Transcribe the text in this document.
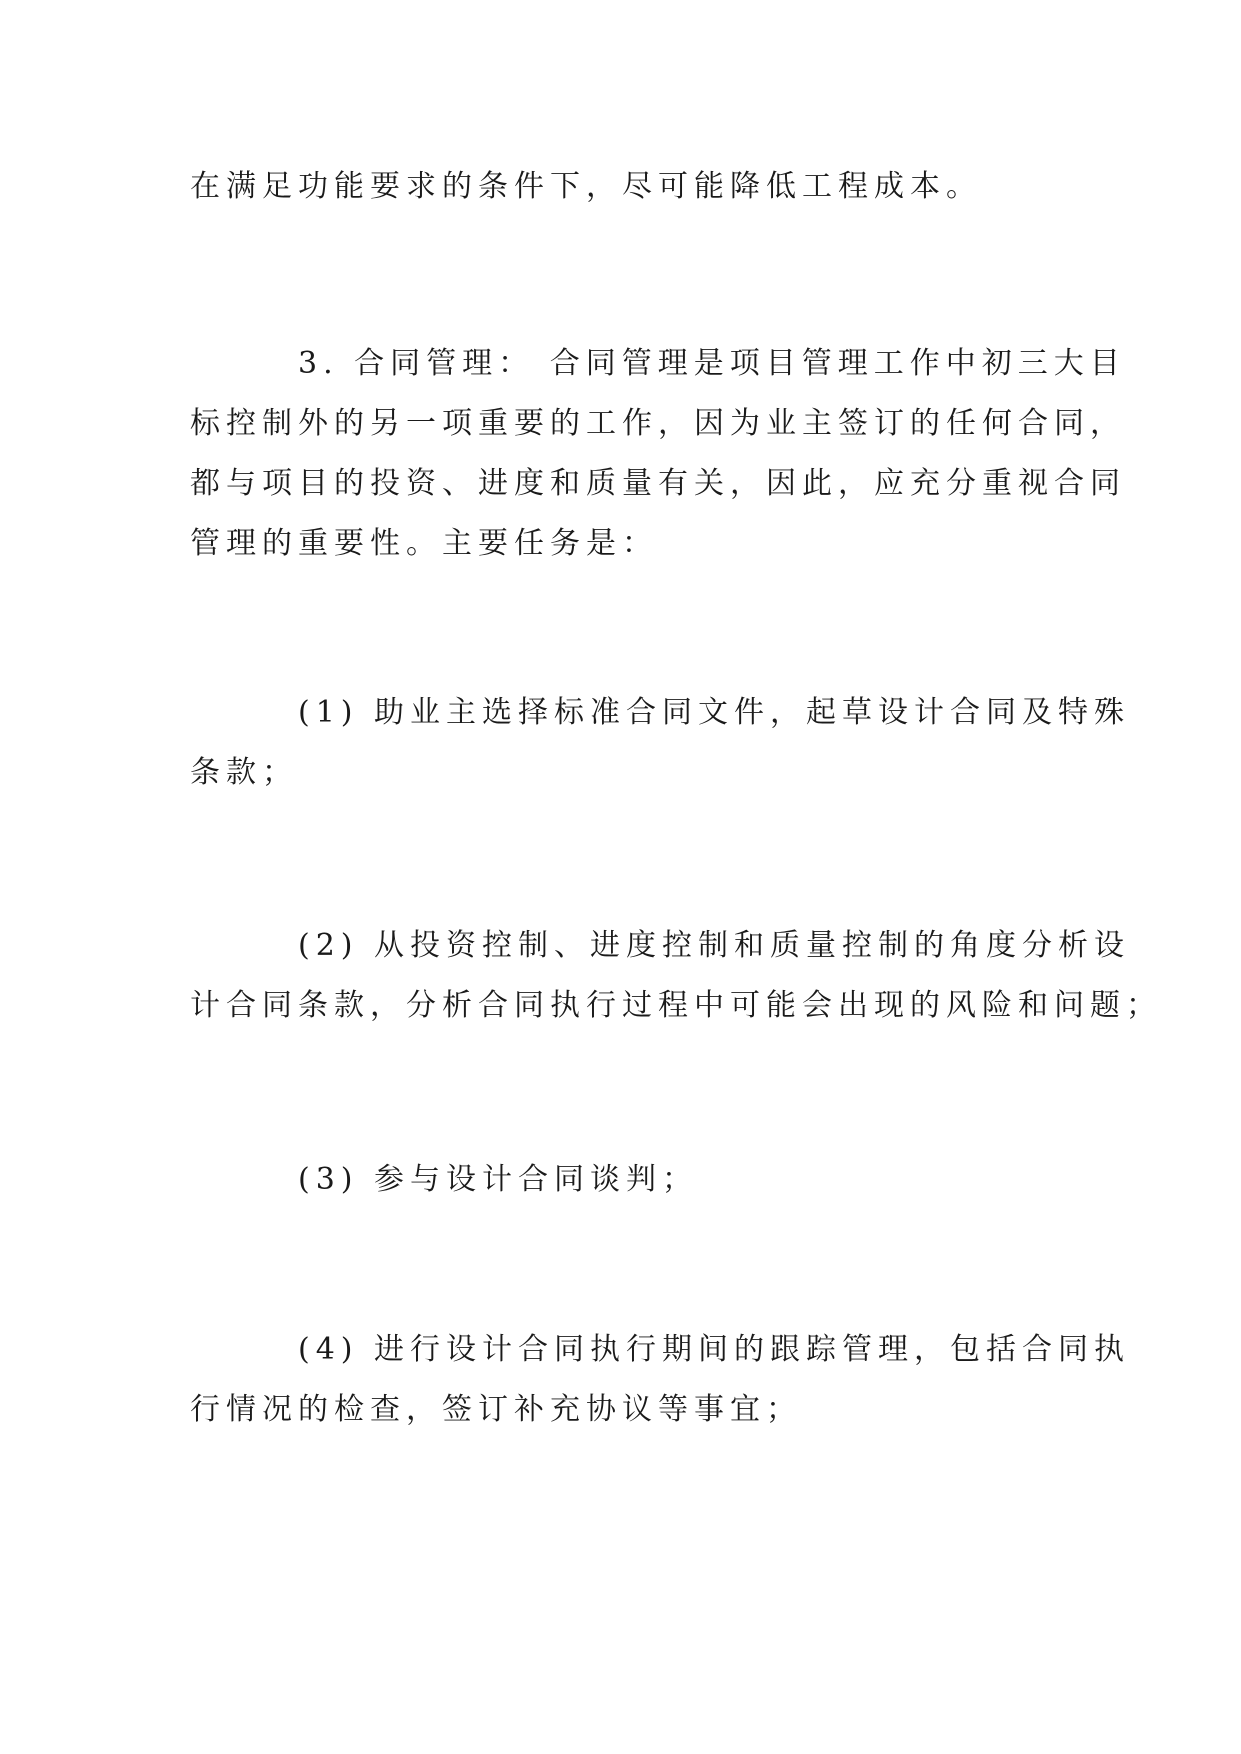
在满足功能要求的条件下，尽可能降低工程成本。

3. 合同管理： 合同管理是项目管理工作中初三大目

标控制外的另一项重要的工作，因为业主签订的任何合同，

都与项目的投资、进度和质量有关，因此，应充分重视合同

管理的重要性。主要任务是：

(1) 助业主选择标准合同文件，起草设计合同及特殊

条款；

(2) 从投资控制、进度控制和质量控制的角度分析设

计合同条款，分析合同执行过程中可能会出现的风险和问题；

(3) 参与设计合同谈判；

(4) 进行设计合同执行期间的跟踪管理，包括合同执

行情况的检查，签订补充协议等事宜；
